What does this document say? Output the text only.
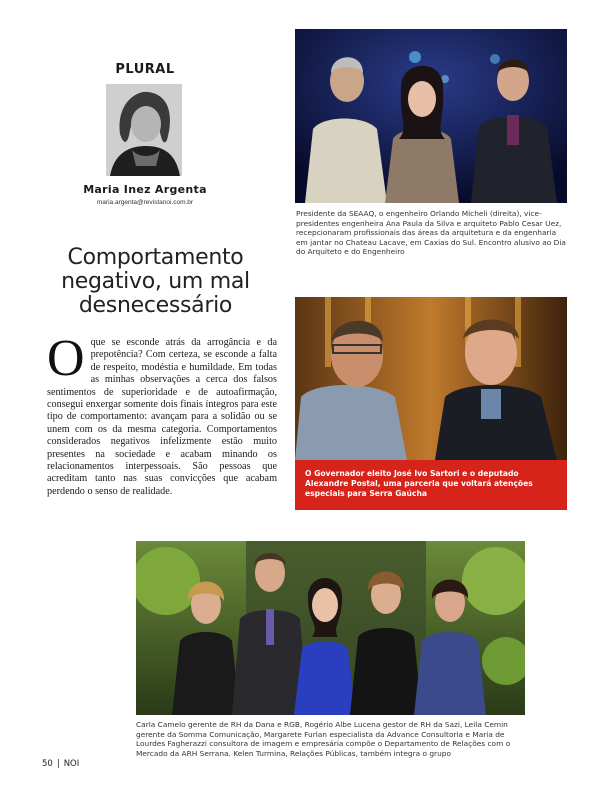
PLURAL
Maria Inez Argenta
maria.argenta@revistanoi.com.br
Comportamento negativo, um mal desnecessário
O que se esconde atrás da arrogância e da prepotência? Com certeza, se esconde a falta de respeito, modéstia e humildade. Em todas as minhas observações a cerca dos falsos sentimentos de superioridade e de autoafirmação, consegui enxergar somente dois finais íntegros para este tipo de comportamento: avançam para a solidão ou se unem com os da mesma categoria. Comportamentos considerados negativos infelizmente estão muito presentes na sociedade e acabam minando os relacionamentos interpessoais. São pessoas que acreditam tanto nas suas convicções que acabam perdendo o senso de realidade.
Presidente da SEAAQ, o engenheiro Orlando Micheli (direita), vice-presidentes engenheira Ana Paula da Silva e arquiteto Pablo Cesar Uez, recepcionaram profissionais das áreas da arquitetura e da engenharia em jantar no Chateau Lacave, em Caxias do Sul. Encontro alusivo ao Dia do Arquiteto e do Engenheiro
O Governador eleito José Ivo Sartori e o deputado Alexandre Postal, uma parceria que voltará atenções especiais para Serra Gaúcha
Carla Camelo gerente de RH da Dana e RGB, Rogério Albe Lucena gestor de RH da Sazi, Leila Cemin gerente da Somma Comunicação, Margarete Furlan especialista da Advance Consultoria e Maria de Lourdes Fagherazzi consultora de imagem e empresária compõe o Departamento de Relações com o Mercado da ARH Serrana. Kelen Turmina, Relações Públicas, também integra o grupo
50 | NOI
